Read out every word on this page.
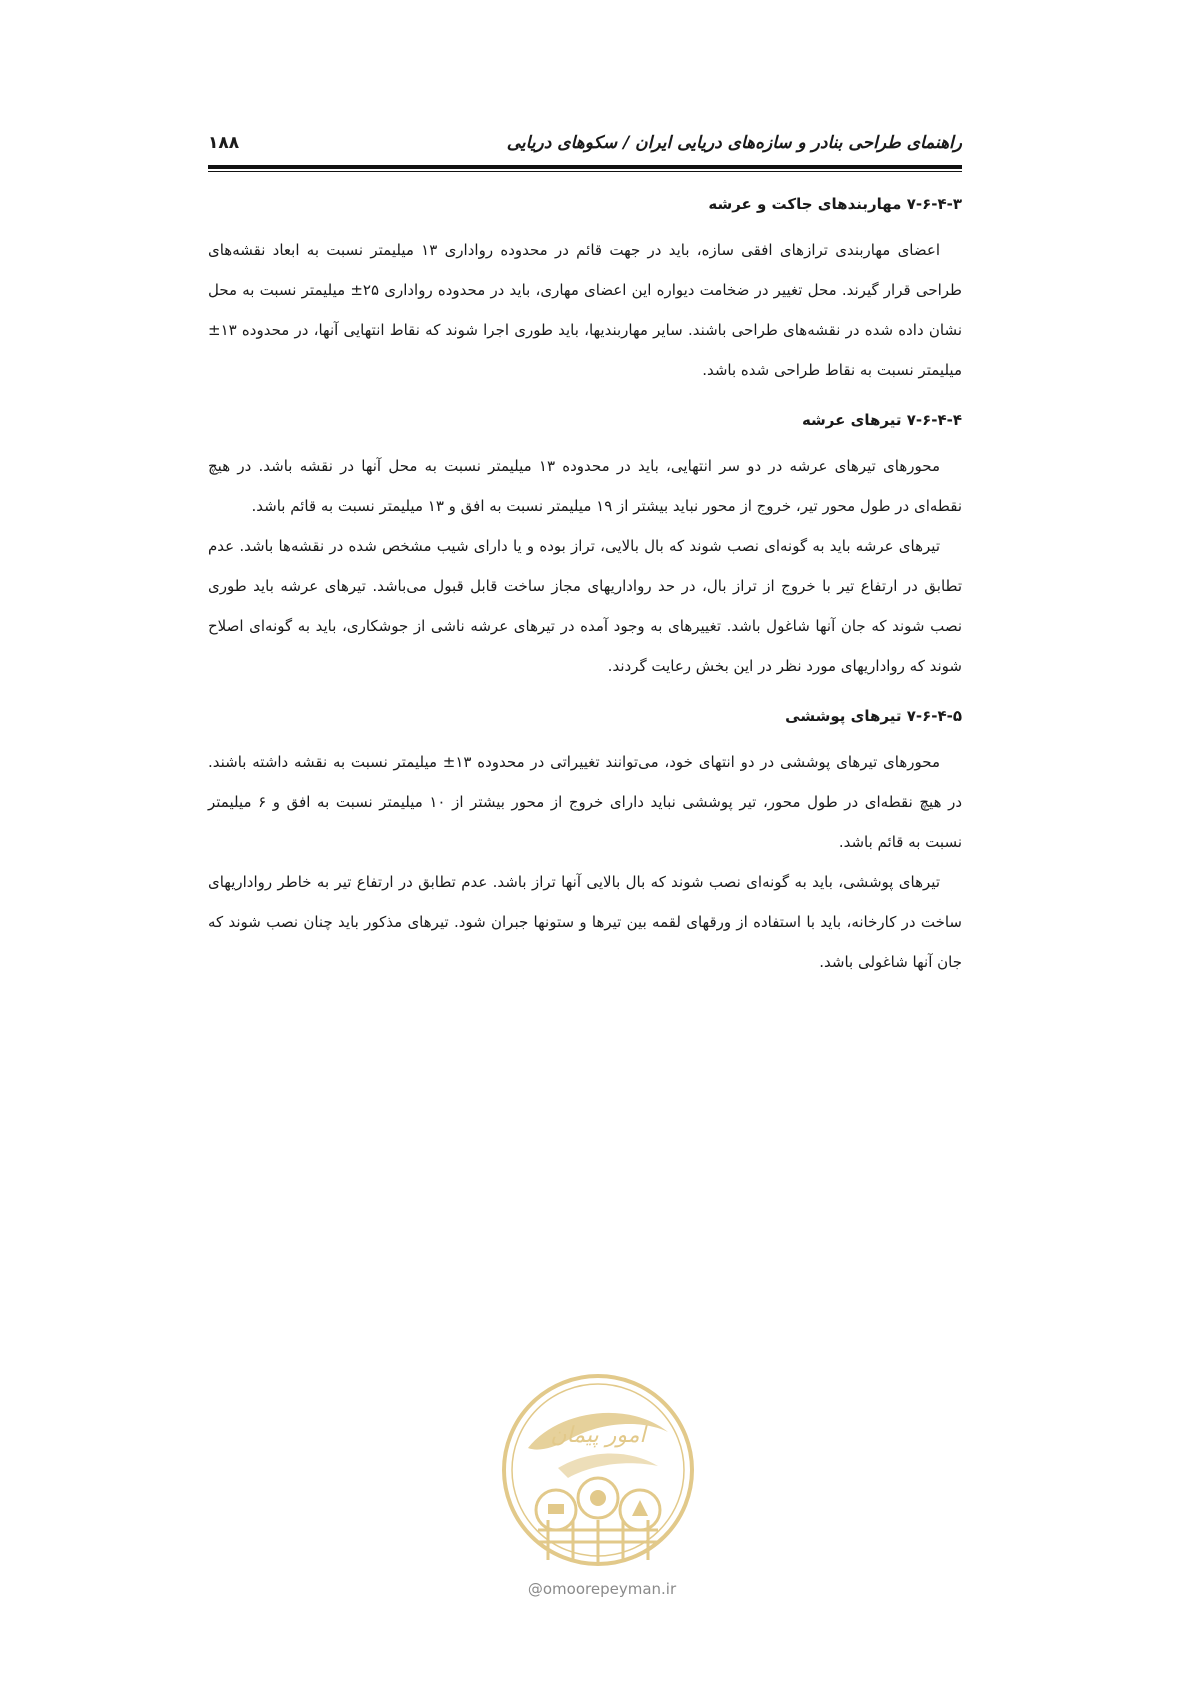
راهنمای طراحی بنادر و سازه‌های دریایی ایران / سکوهای دریایی
۱۸۸

۷-۶-۴-۳ مهاربندهای جاکت و عرشه

اعضای مهاربندی ترازهای افقی سازه، باید در جهت قائم در محدوده رواداری ۱۳ میلیمتر نسبت به ابعاد نقشه‌های طراحی قرار گیرند. محل تغییر در ضخامت دیواره این اعضای مهاری، باید در محدوده رواداری ۲۵± میلیمتر نسبت به محل نشان داده شده در نقشه‌های طراحی باشند. سایر مهاربندیها، باید طوری اجرا شوند که نقاط انتهایی آنها، در محدوده ۱۳± میلیمتر نسبت به نقاط طراحی شده باشد.

۷-۶-۴-۴ تیرهای عرشه

محورهای تیرهای عرشه در دو سر انتهایی، باید در محدوده ۱۳ میلیمتر نسبت به محل آنها در نقشه باشد. در هیچ نقطه‌ای در طول محور تیر، خروج از محور نباید بیشتر از ۱۹ میلیمتر نسبت به افق و ۱۳ میلیمتر نسبت به قائم باشد.

تیرهای عرشه باید به گونه‌ای نصب شوند که بال بالایی، تراز بوده و یا دارای شیب مشخص شده در نقشه‌ها باشد. عدم تطابق در ارتفاع تیر با خروج از تراز بال، در حد رواداریهای مجاز ساخت قابل قبول می‌باشد. تیرهای عرشه باید طوری نصب شوند که جان آنها شاغول باشد. تغییرهای به وجود آمده در تیرهای عرشه ناشی از جوشکاری، باید به گونه‌ای اصلاح شوند که رواداریهای مورد نظر در این بخش رعایت گردند.

۷-۶-۴-۵ تیرهای پوششی

محورهای تیرهای پوششی در دو انتهای خود، می‌توانند تغییراتی در محدوده ۱۳± میلیمتر نسبت به نقشه داشته باشند. در هیچ نقطه‌ای در طول محور، تیر پوششی نباید دارای خروج از محور بیشتر از ۱۰ میلیمتر نسبت به افق و ۶ میلیمتر نسبت به قائم باشد.

تیرهای پوششی، باید به گونه‌ای نصب شوند که بال بالایی آنها تراز باشد. عدم تطابق در ارتفاع تیر به خاطر رواداریهای ساخت در کارخانه، باید با استفاده از ورقهای لقمه بین تیرها و ستونها جبران شود. تیرهای مذکور باید چنان نصب شوند که جان آنها شاغولی باشد.

امور پیمان
@omoorepeyman.ir
